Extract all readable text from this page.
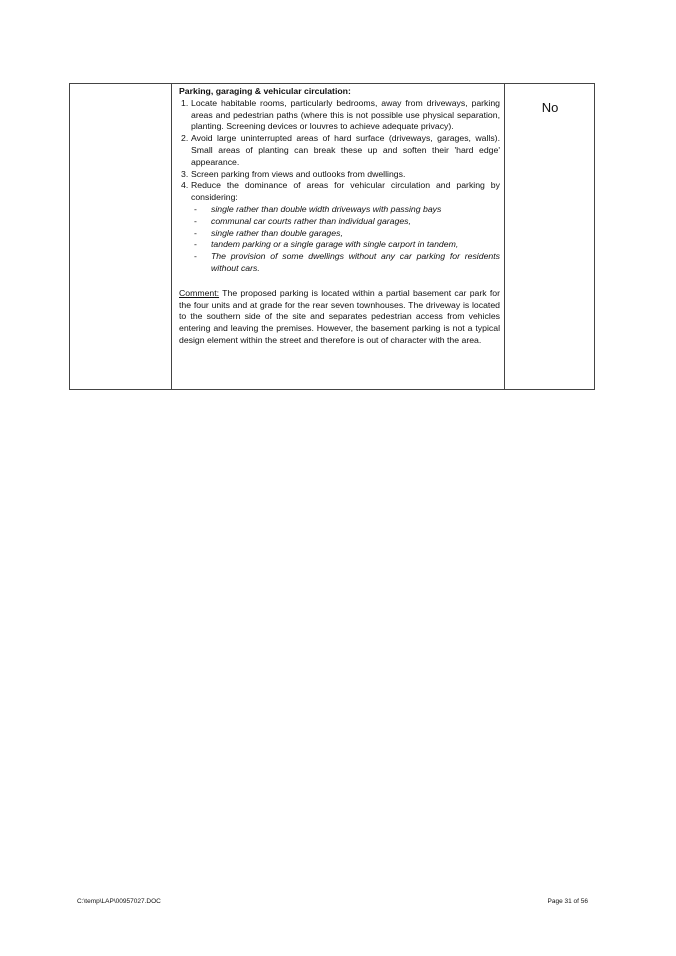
Parking, garaging & vehicular circulation:

1. Locate habitable rooms, particularly bedrooms, away from driveways, parking areas and pedestrian paths (where this is not possible use physical separation, planting. Screening devices or louvres to achieve adequate privacy).
2. Avoid large uninterrupted areas of hard surface (driveways, garages, walls). Small areas of planting can break these up and soften their 'hard edge' appearance.
3. Screen parking from views and outlooks from dwellings.
4. Reduce the dominance of areas for vehicular circulation and parking by considering:
- single rather than double width driveways with passing bays
- communal car courts rather than individual garages,
- single rather than double garages,
- tandem parking or a single garage with single carport in tandem,
- The provision of some dwellings without any car parking for residents without cars.

Comment: The proposed parking is located within a partial basement car park for the four units and at grade for the rear seven townhouses. The driveway is located to the southern side of the site and separates pedestrian access from vehicles entering and leaving the premises. However, the basement parking is not a typical design element within the street and therefore is out of character with the area.

No
C:\temp\LAP\00957027.DOC	Page 31 of 56
